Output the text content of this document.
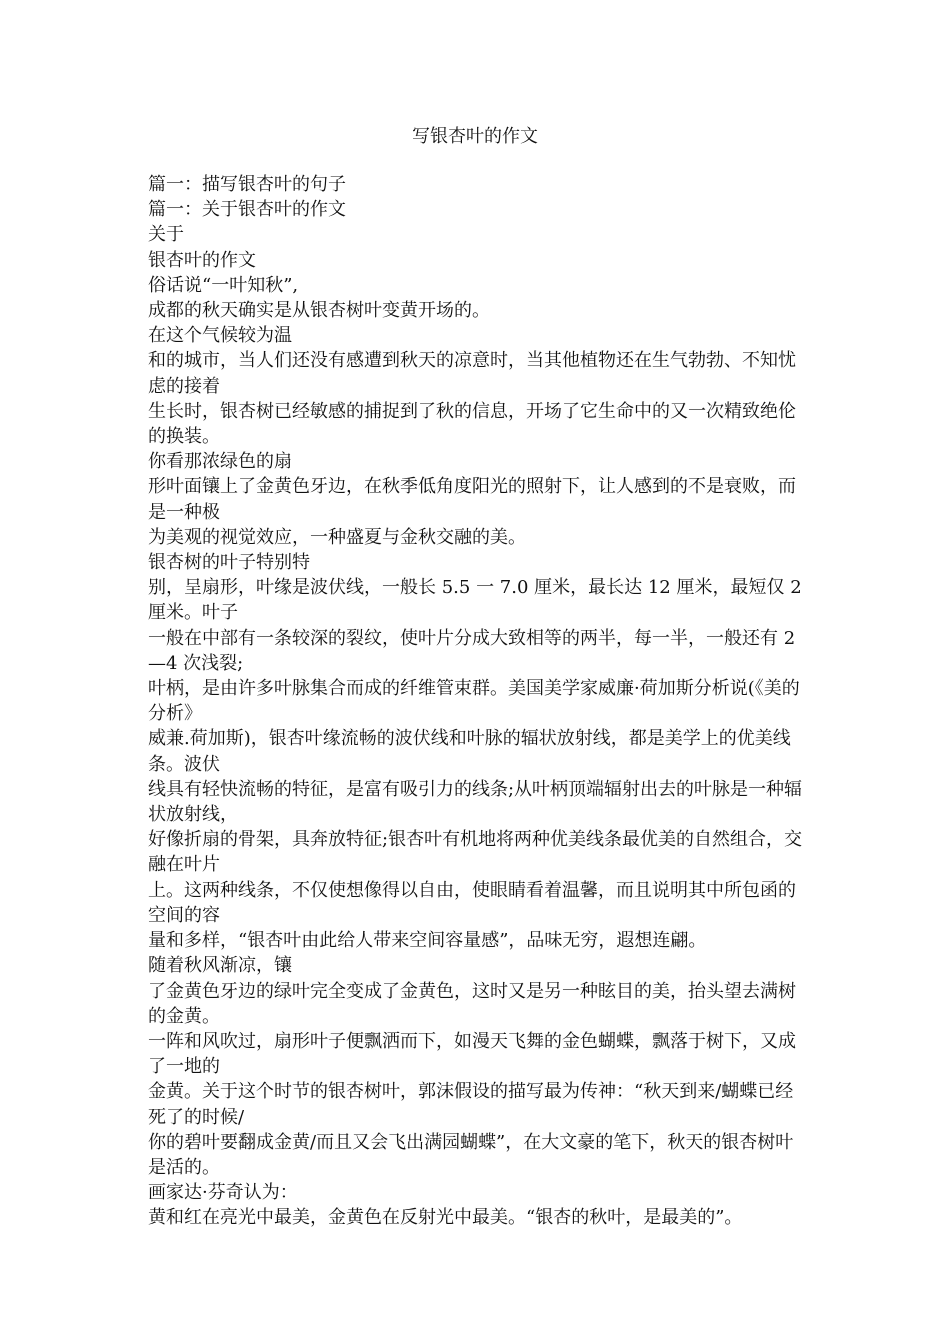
写银杏叶的作文

篇一：描写银杏叶的句子

篇一：关于银杏叶的作文

关于

银杏叶的作文

俗话说“一叶知秋”,

成都的秋天确实是从银杏树叶变黄开场的。

在这个气候较为温

和的城市，当人们还没有感遭到秋天的凉意时，当其他植物还在生气勃勃、不知忧虑的接着

生长时，银杏树已经敏感的捕捉到了秋的信息，开场了它生命中的又一次精致绝伦的换装。

你看那浓绿色的扇

形叶面镶上了金黄色牙边，在秋季低角度阳光的照射下，让人感到的不是衰败，而是一种极

为美观的视觉效应，一种盛夏与金秋交融的美。

银杏树的叶子特别特

别，呈扇形，叶缘是波伏线，一般长 5.5 一 7.0 厘米，最长达 12 厘米，最短仅 2 厘米。叶子

一般在中部有一条较深的裂纹，使叶片分成大致相等的两半，每一半，一般还有 2—4 次浅裂;

叶柄，是由许多叶脉集合而成的纤维管束群。美国美学家威廉·荷加斯分析说(《美的分析》

威兼.荷加斯)，银杏叶缘流畅的波伏线和叶脉的辐状放射线，都是美学上的优美线条。波伏

线具有轻快流畅的特征，是富有吸引力的线条;从叶柄顶端辐射出去的叶脉是一种辐状放射线，

好像折扇的骨架，具奔放特征;银杏叶有机地将两种优美线条最优美的自然组合，交融在叶片

上。这两种线条，不仅使想像得以自由，使眼睛看着温馨，而且说明其中所包函的空间的容

量和多样，“银杏叶由此给人带来空间容量感”，品味无穷，遐想连翩。

随着秋风渐凉，镶

了金黄色牙边的绿叶完全变成了金黄色，这时又是另一种眩目的美，抬头望去满树的金黄。

一阵和风吹过，扇形叶子便飘洒而下，如漫天飞舞的金色蝴蝶，飘落于树下，又成了一地的

金黄。关于这个时节的银杏树叶，郭沫假设的描写最为传神：“秋天到来/蝴蝶已经死了的时候/

你的碧叶要翻成金黄/而且又会飞出满园蝴蝶”，在大文豪的笔下，秋天的银杏树叶是活的。

画家达·芬奇认为：

黄和红在亮光中最美，金黄色在反射光中最美。“银杏的秋叶，是最美的”。
